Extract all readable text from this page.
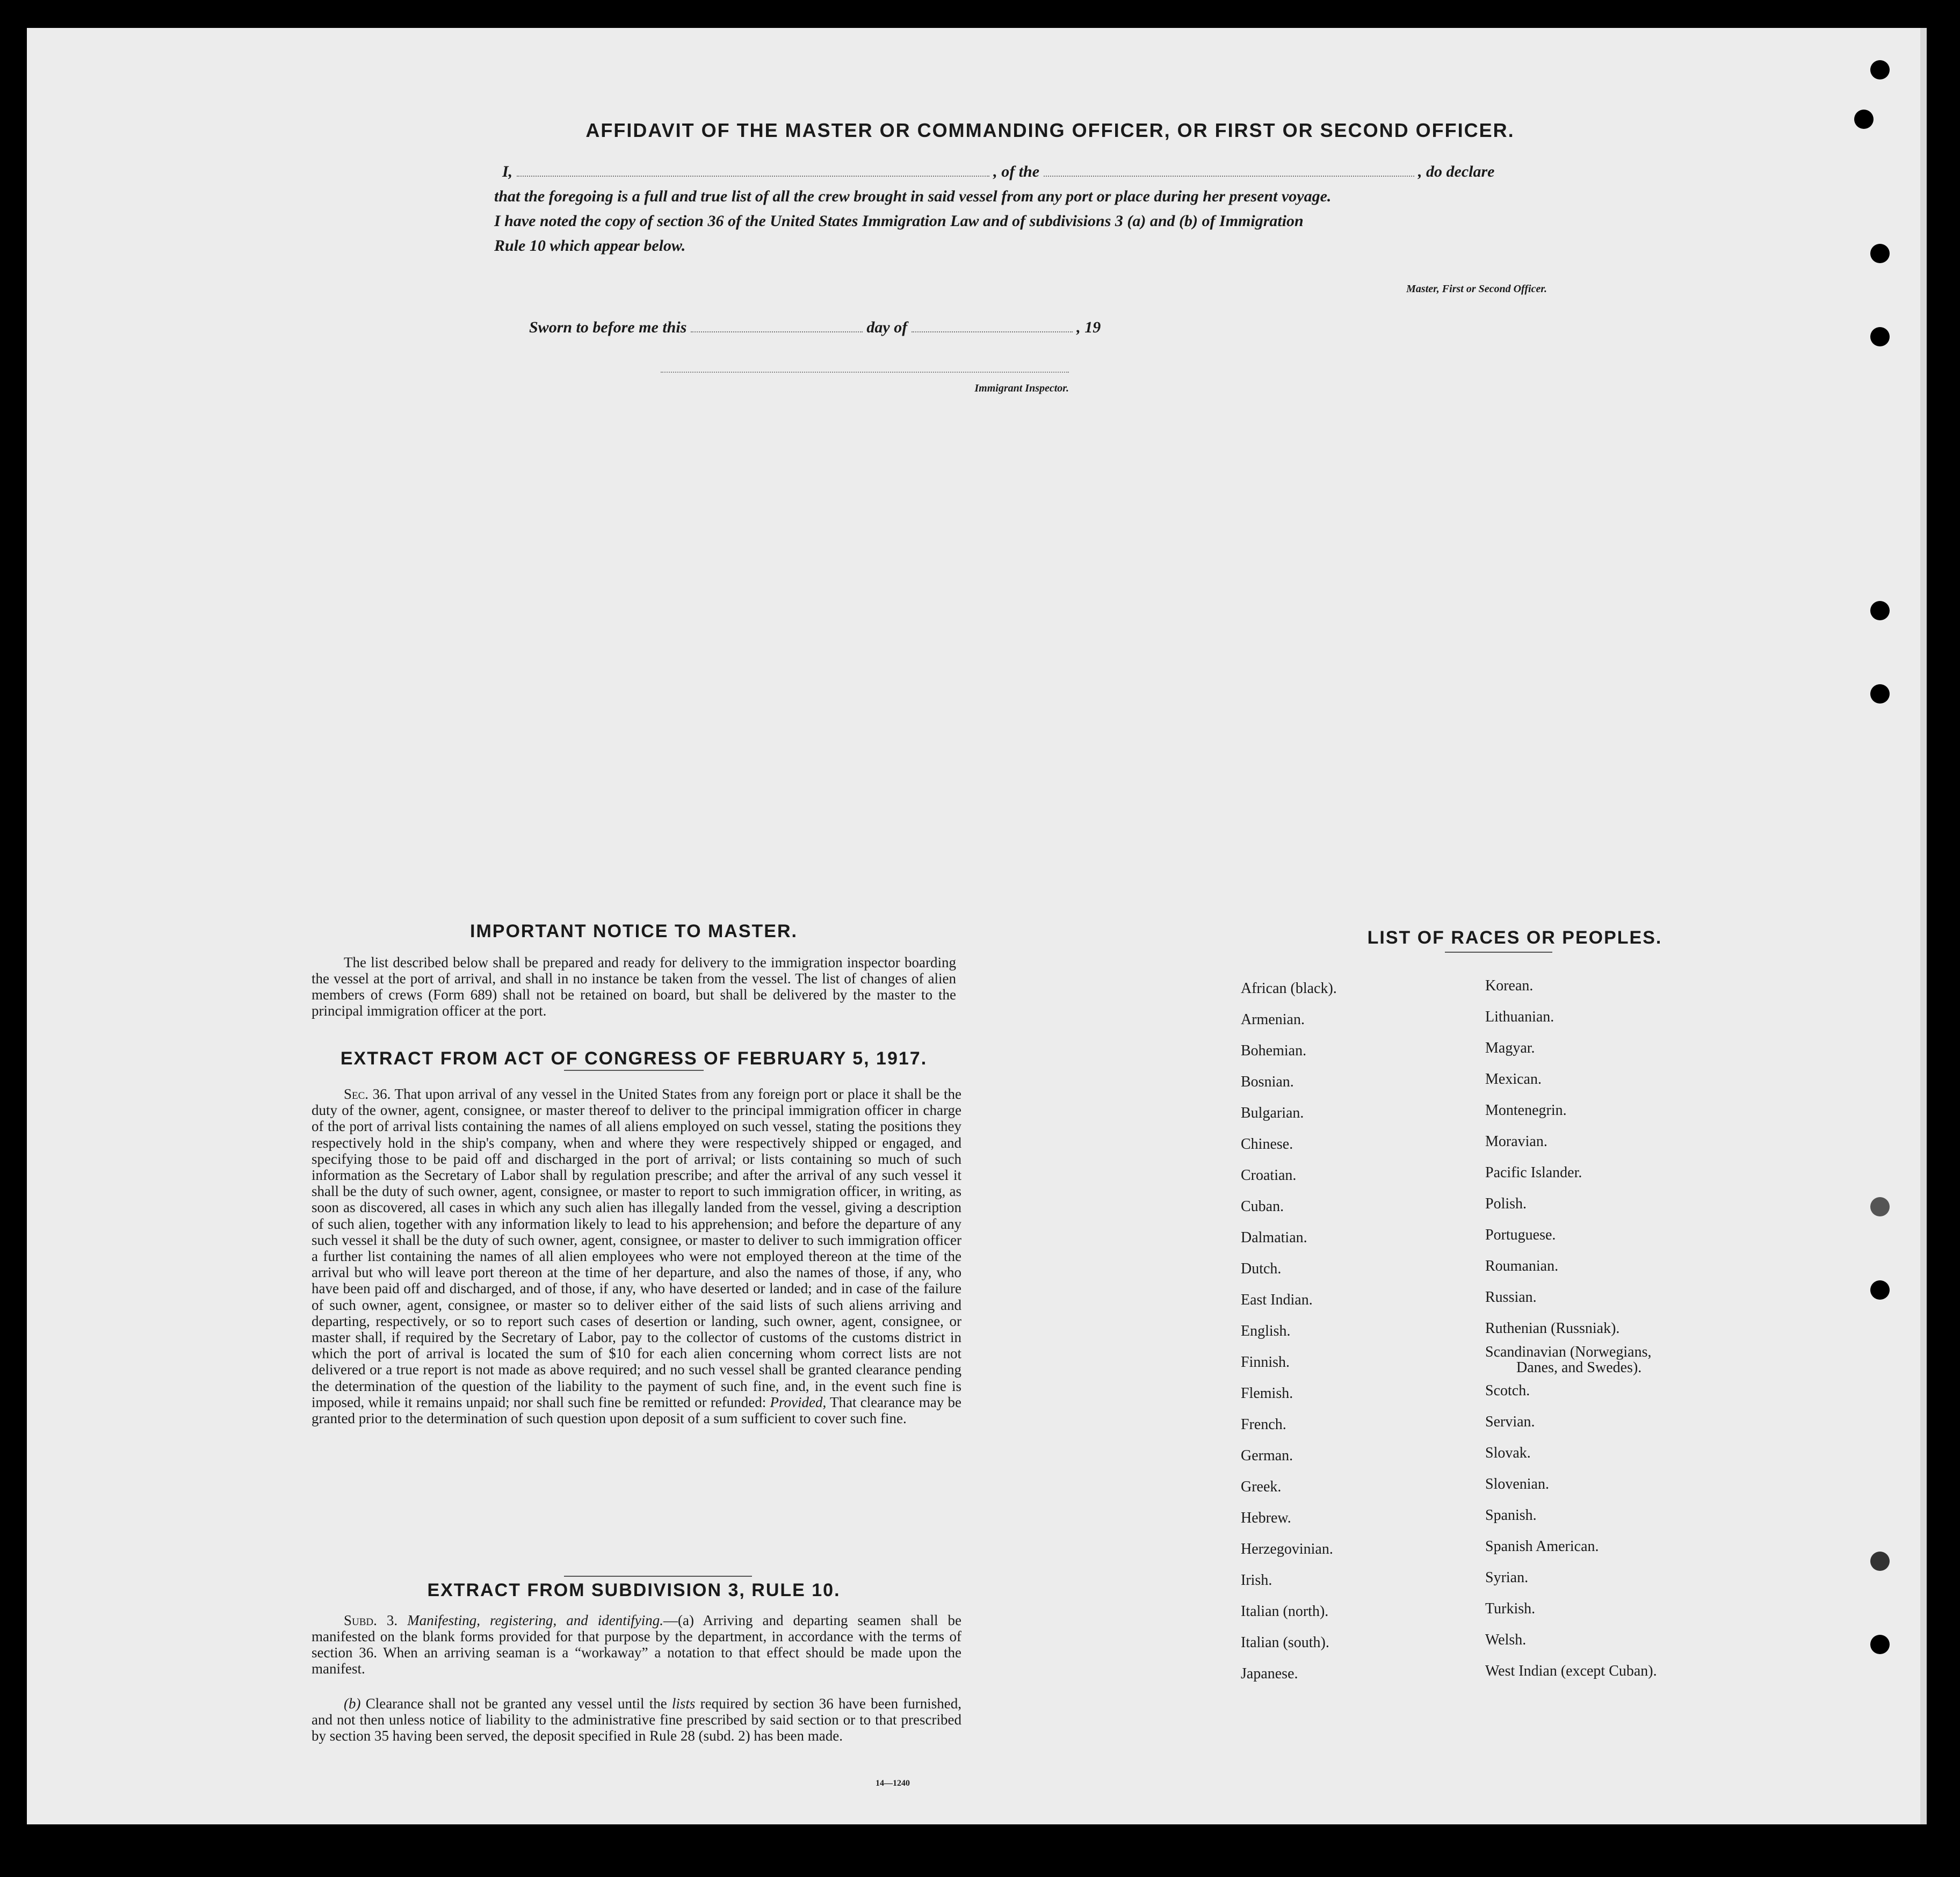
AFFIDAVIT OF THE MASTER OR COMMANDING OFFICER, OR FIRST OR SECOND OFFICER.
I,	, of the	, do declare
that the foregoing is a full and true list of all the crew brought in said vessel from any port or place during her present voyage.
I have noted the copy of section 36 of the United States Immigration Law and of subdivisions 3 (a) and (b) of Immigration
Rule 10 which appear below.
Master, First or Second Officer.
Sworn to before me this	day of	, 19
Immigrant Inspector.
IMPORTANT NOTICE TO MASTER.
The list described below shall be prepared and ready for delivery to the immigration inspector boarding the vessel at the port of arrival, and shall in no instance be taken from the vessel. The list of changes of alien members of crews (Form 689) shall not be retained on board, but shall be delivered by the master to the principal immigration officer at the port.
EXTRACT FROM ACT OF CONGRESS OF FEBRUARY 5, 1917.
Sec. 36. That upon arrival of any vessel in the United States from any foreign port or place it shall be the duty of the owner, agent, consignee, or master thereof to deliver to the principal immigration officer in charge of the port of arrival lists containing the names of all aliens employed on such vessel, stating the positions they respectively hold in the ship's company, when and where they were respectively shipped or engaged, and specifying those to be paid off and discharged in the port of arrival; or lists containing so much of such information as the Secretary of Labor shall by regulation prescribe; and after the arrival of any such vessel it shall be the duty of such owner, agent, consignee, or master to report to such immigration officer, in writing, as soon as discovered, all cases in which any such alien has illegally landed from the vessel, giving a description of such alien, together with any information likely to lead to his apprehension; and before the departure of any such vessel it shall be the duty of such owner, agent, consignee, or master to deliver to such immigration officer a further list containing the names of all alien employees who were not employed thereon at the time of the arrival but who will leave port thereon at the time of her departure, and also the names of those, if any, who have been paid off and discharged, and of those, if any, who have deserted or landed; and in case of the failure of such owner, agent, consignee, or master so to deliver either of the said lists of such aliens arriving and departing, respectively, or so to report such cases of desertion or landing, such owner, agent, consignee, or master shall, if required by the Secretary of Labor, pay to the collector of customs of the customs district in which the port of arrival is located the sum of $10 for each alien concerning whom correct lists are not delivered or a true report is not made as above required; and no such vessel shall be granted clearance pending the determination of the question of the liability to the payment of such fine, and, in the event such fine is imposed, while it remains unpaid; nor shall such fine be remitted or refunded: Provided, That clearance may be granted prior to the determination of such question upon deposit of a sum sufficient to cover such fine.
EXTRACT FROM SUBDIVISION 3, RULE 10.
Subd. 3. Manifesting, registering, and identifying.—(a) Arriving and departing seamen shall be manifested on the blank forms provided for that purpose by the department, in accordance with the terms of section 36. When an arriving seaman is a “workaway” a notation to that effect should be made upon the manifest.
(b) Clearance shall not be granted any vessel until the lists required by section 36 have been furnished, and not then unless notice of liability to the administrative fine prescribed by said section or to that prescribed by section 35 having been served, the deposit specified in Rule 28 (subd. 2) has been made.
14—1240
LIST OF RACES OR PEOPLES.
African (black).
Armenian.
Bohemian.
Bosnian.
Bulgarian.
Chinese.
Croatian.
Cuban.
Dalmatian.
Dutch.
East Indian.
English.
Finnish.
Flemish.
French.
German.
Greek.
Hebrew.
Herzegovinian.
Irish.
Italian (north).
Italian (south).
Japanese.
Korean.
Lithuanian.
Magyar.
Mexican.
Montenegrin.
Moravian.
Pacific Islander.
Polish.
Portuguese.
Roumanian.
Russian.
Ruthenian (Russniak).
Scandinavian (Norwegians,
Danes, and Swedes).
Scotch.
Servian.
Slovak.
Slovenian.
Spanish.
Spanish American.
Syrian.
Turkish.
Welsh.
West Indian (except Cuban).
